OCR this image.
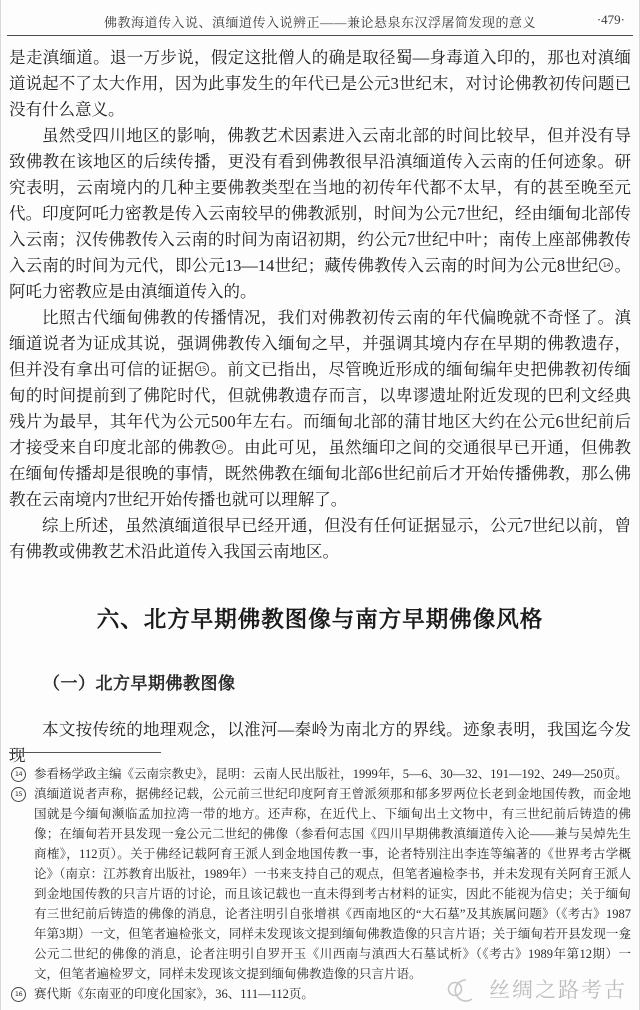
佛教海道传入说、滇缅道传入说辨正——兼论悬泉东汉浮屠简发现的意义	·479·

是走滇缅道。退一万步说，假定这批僧人的确是取径蜀—身毒道入印的，那也对滇缅道说起不了太大作用，因为此事发生的年代已是公元3世纪末，对讨论佛教初传问题已没有什么意义。

虽然受四川地区的影响，佛教艺术因素进入云南北部的时间比较早，但并没有导致佛教在该地区的后续传播，更没有看到佛教很早沿滇缅道传入云南的任何迹象。研究表明，云南境内的几种主要佛教类型在当地的初传年代都不太早，有的甚至晚至元代。印度阿吒力密教是传入云南较早的佛教派别，时间为公元7世纪，经由缅甸北部传入云南；汉传佛教传入云南的时间为南诏初期，约公元7世纪中叶；南传上座部佛教传入云南的时间为元代，即公元13—14世纪；藏传佛教传入云南的时间为公元8世纪 14 。阿吒力密教应是由滇缅道传入的。

比照古代缅甸佛教的传播情况，我们对佛教初传云南的年代偏晚就不奇怪了。滇缅道说者为证成其说，强调佛教传入缅甸之早，并强调其境内存在早期的佛教遗存，但并没有拿出可信的证据 15 。前文已指出，尽管晚近形成的缅甸编年史把佛教初传缅甸的时间提前到了佛陀时代，但就佛教遗存而言，以卑谬遗址附近发现的巴利文经典残片为最早，其年代为公元500年左右。而缅甸北部的蒲甘地区大约在公元6世纪前后才接受来自印度北部的佛教 16 。由此可见，虽然缅印之间的交通很早已开通，但佛教在缅甸传播却是很晚的事情，既然佛教在缅甸北部6世纪前后才开始传播佛教，那么佛教在云南境内7世纪开始传播也就可以理解了。

综上所述，虽然滇缅道很早已经开通，但没有任何证据显示，公元7世纪以前，曾有佛教或佛教艺术沿此道传入我国云南地区。

六、北方早期佛教图像与南方早期佛像风格
（一）北方早期佛教图像

本文按传统的地理观念，以淮河—秦岭为南北方的界线。迹象表明，我国迄今发现

14 参看杨学政主编《云南宗教史》，昆明：云南人民出版社，1999年，5—6、30—32、191—192、249—250页。
15 滇缅道说者声称，据佛经记载，公元前三世纪印度阿育王曾派须那和郁多罗两位长老到金地国传教，而金地国就是今缅甸濒临孟加拉湾一带的地方。还声称，在近代上、下缅甸出土文物中，有三世纪前后铸造的佛像；在缅甸若开县发现一龛公元二世纪的佛像（参看何志国《四川早期佛教滇缅道传入论——兼与吴焯先生商榷》，112页）。关于佛经记载阿育王派人到金地国传教一事，论者特别注出李连等编著的《世界考古学概论》（南京：江苏教育出版社，1989年）一书来支持自己的观点，但笔者遍检李书，并未发现有关阿育王派人到金地国传教的只言片语的讨论，而且该记载也一直未得到考古材料的证实，因此不能视为信史；关于缅甸有三世纪前后铸造的佛像的消息，论者注明引自张增祺《西南地区的“大石墓”及其族属问题》（《考古》1987年第3期）一文，但笔者遍检张文，同样未发现该文提到缅甸佛教造像的只言片语；关于缅甸若开县发现一龛公元二世纪的佛像的消息，论者注明引自罗开玉《川西南与滇西大石墓试析》（《考古》1989年第12期）一文，但笔者遍检罗文，同样未发现该文提到缅甸佛教造像的只言片语。
16 赛代斯《东南亚的印度化国家》，36、111—112页。	丝绸之路考古
